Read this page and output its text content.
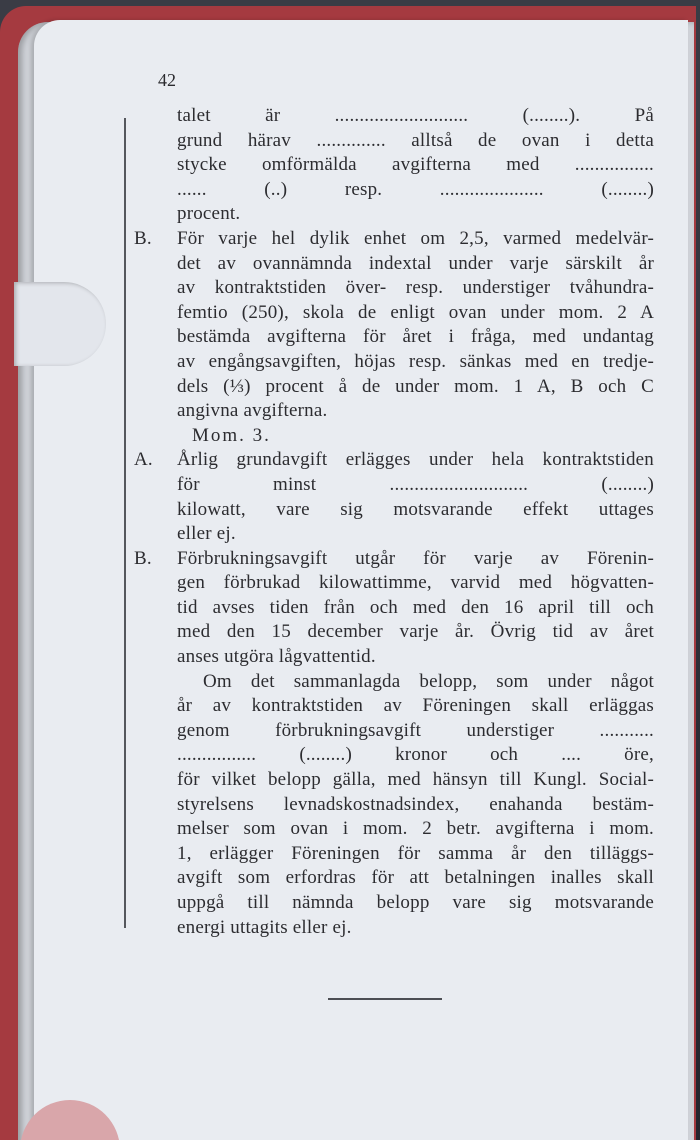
42
talet är ........................... (........). På
grund härav .............. alltså de ovan i detta
stycke omförmälda avgifterna med ................
...... (..) resp. ..................... (........)
procent.
B. För varje hel dylik enhet om 2,5, varmed medelvär-
det av ovannämnda indextal under varje särskilt år
av kontraktstiden över- resp. understiger tvåhundra-
femtio (250), skola de enligt ovan under mom. 2 A
bestämda avgifterna för året i fråga, med undantag
av engångsavgiften, höjas resp. sänkas med en tredje-
dels (⅓) procent å de under mom. 1 A, B och C
angivna avgifterna.
Mom. 3.
A. Årlig grundavgift erlägges under hela kontraktstiden
för minst ............................ (........)
kilowatt, vare sig motsvarande effekt uttages
eller ej.
B. Förbrukningsavgift utgår för varje av Förenin-
gen förbrukad kilowattimme, varvid med högvatten-
tid avses tiden från och med den 16 april till och
med den 15 december varje år. Övrig tid av året
anses utgöra lågvattentid.
Om det sammanlagda belopp, som under något
år av kontraktstiden av Föreningen skall erläggas
genom förbrukningsavgift understiger ...........
................ (........) kronor och .... öre,
för vilket belopp gälla, med hänsyn till Kungl. Social-
styrelsens levnadskostnadsindex, enahanda bestäm-
melser som ovan i mom. 2 betr. avgifterna i mom.
1, erlägger Föreningen för samma år den tilläggs-
avgift som erfordras för att betalningen inalles skall
uppgå till nämnda belopp vare sig motsvarande
energi uttagits eller ej.
